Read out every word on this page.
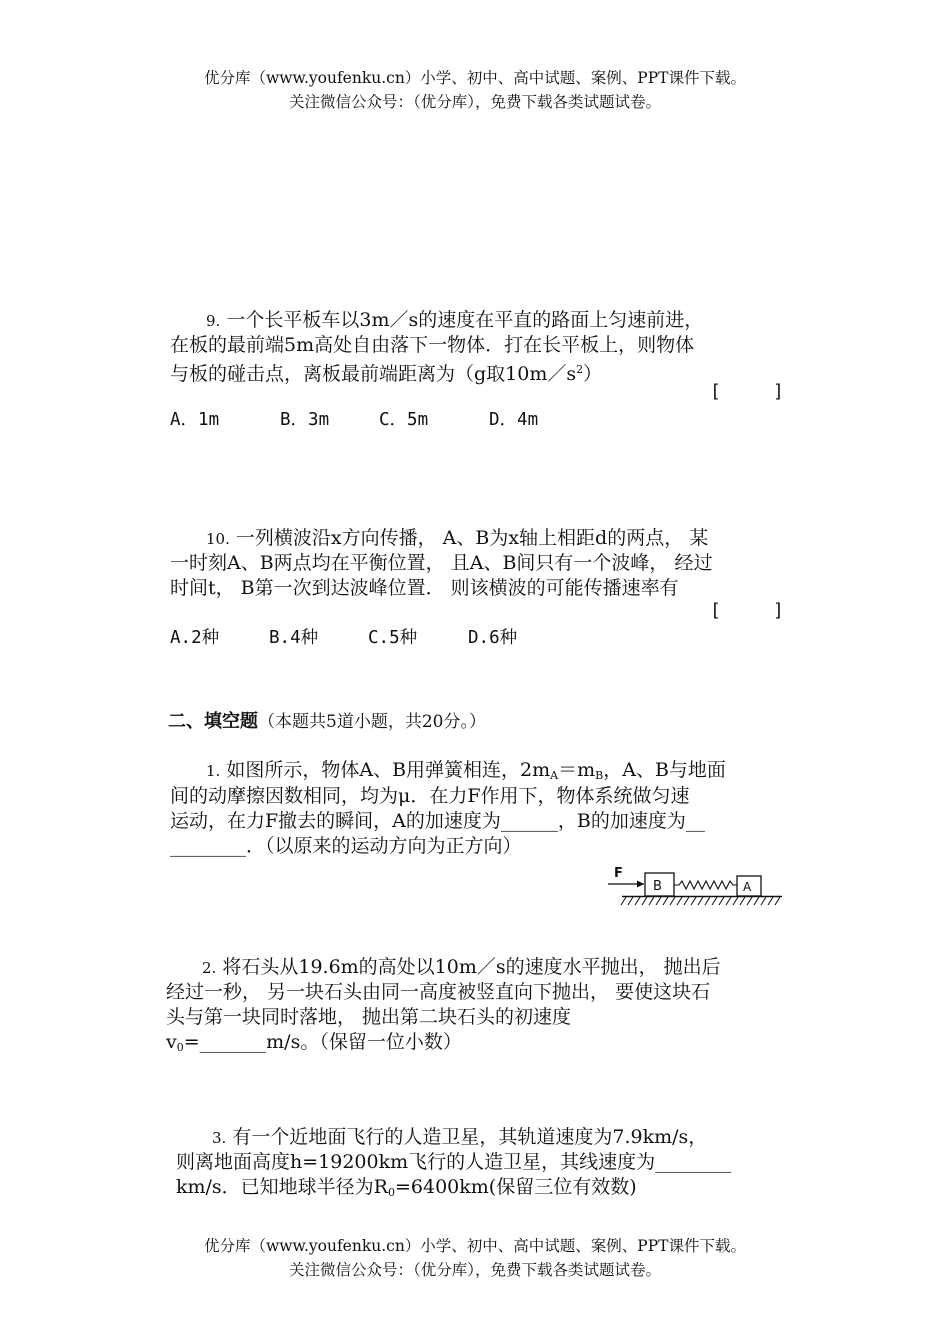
优分库（www.youfenku.cn）小学、初中、高中试题、案例、PPT课件下载。
关注微信公众号：（优分库），免费下载各类试题试卷。
9. 一个长平板车以3m／s的速度在平直的路面上匀速前进，
在板的最前端5m高处自由落下一物体．打在长平板上，则物体
与板的碰击点，离板最前端距离为（g取$10m/s^2$）
[	]
A．1m	B．3m	C．5m	D．4m
10. 一列横波沿x方向传播， A、B为x轴上相距d的两点， 某
一时刻A、B两点均在平衡位置， 且A、B间只有一个波峰， 经过
时间t， B第一次到达波峰位置． 则该横波的可能传播速率有
[	]
A.2种	B.4种	C.5种	D.6种
二、填空题（本题共5道小题，共20分。）
1. 如图所示，物体A、B用弹簧相连，$2m_A=m_B$，A、B与地面
间的动摩擦因数相同，均为μ．在力F作用下，物体系统做匀速
运动，在力F撤去的瞬间，A的加速度为______，B的加速度为__
________．（以原来的运动方向为正方向）
F
B	A
2. 将石头从19.6m的高处以10m／s的速度水平抛出， 抛出后
经过一秒， 另一块石头由同一高度被竖直向下抛出， 要使这块石
头与第一块同时落地， 抛出第二块石头的初速度
$v_0=\_\_\_\_\_\_\_m/s$。（保留一位小数）
3. 有一个近地面飞行的人造卫星，其轨道速度为7.9km/s，
则离地面高度h=19200km飞行的人造卫星，其线速度为________
km/s．已知地球半径为$R_0=6400km$(保留三位有效数)
优分库（www.youfenku.cn）小学、初中、高中试题、案例、PPT课件下载。
关注微信公众号：（优分库），免费下载各类试题试卷。
